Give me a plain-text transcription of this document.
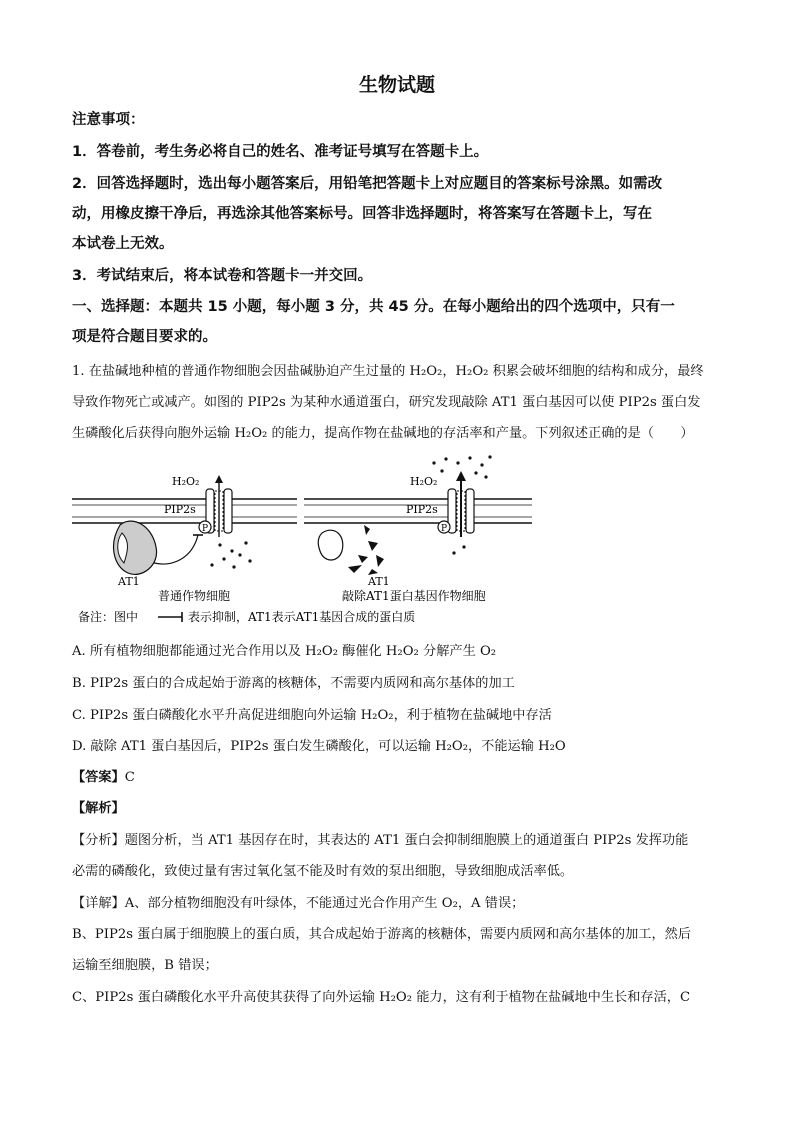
生物试题
注意事项：
1．答卷前，考生务必将自己的姓名、准考证号填写在答题卡上。
2．回答选择题时，选出每小题答案后，用铅笔把答题卡上对应题目的答案标号涂黑。如需改
动，用橡皮擦干净后，再选涂其他答案标号。回答非选择题时，将答案写在答题卡上，写在
本试卷上无效。
3．考试结束后，将本试卷和答题卡一并交回。
一、选择题：本题共 15 小题，每小题 3 分，共 45 分。在每小题给出的四个选项中，只有一
项是符合题目要求的。
1. 在盐碱地种植的普通作物细胞会因盐碱胁迫产生过量的 H₂O₂，H₂O₂ 积累会破坏细胞的结构和成分，最终
导致作物死亡或减产。如图的 PIP2s 为某种水通道蛋白，研究发现敲除 AT1 蛋白基因可以使 PIP2s 蛋白发
生磷酸化后获得向胞外运输 H₂O₂ 的能力，提高作物在盐碱地的存活率和产量。下列叙述正确的是（　　）
P
H₂O₂
PIP2s
AT1
普通作物细胞
P
H₂O₂
PIP2s
AT1
敲除AT1蛋白基因作物细胞
备注：图中	表示抑制，AT1表示AT1基因合成的蛋白质
A. 所有植物细胞都能通过光合作用以及 H₂O₂ 酶催化 H₂O₂ 分解产生 O₂
B. PIP2s 蛋白的合成起始于游离的核糖体，不需要内质网和高尔基体的加工
C. PIP2s 蛋白磷酸化水平升高促进细胞向外运输 H₂O₂，利于植物在盐碱地中存活
D. 敲除 AT1 蛋白基因后，PIP2s 蛋白发生磷酸化，可以运输 H₂O₂，不能运输 H₂O
【答案】C
【解析】
【分析】题图分析，当 AT1 基因存在时，其表达的 AT1 蛋白会抑制细胞膜上的通道蛋白 PIP2s 发挥功能
必需的磷酸化，致使过量有害过氧化氢不能及时有效的泵出细胞，导致细胞成活率低。
【详解】A、部分植物细胞没有叶绿体，不能通过光合作用产生 O₂，A 错误；
B、PIP2s 蛋白属于细胞膜上的蛋白质，其合成起始于游离的核糖体，需要内质网和高尔基体的加工，然后
运输至细胞膜，B 错误；
C、PIP2s 蛋白磷酸化水平升高使其获得了向外运输 H₂O₂ 能力，这有利于植物在盐碱地中生长和存活，C
